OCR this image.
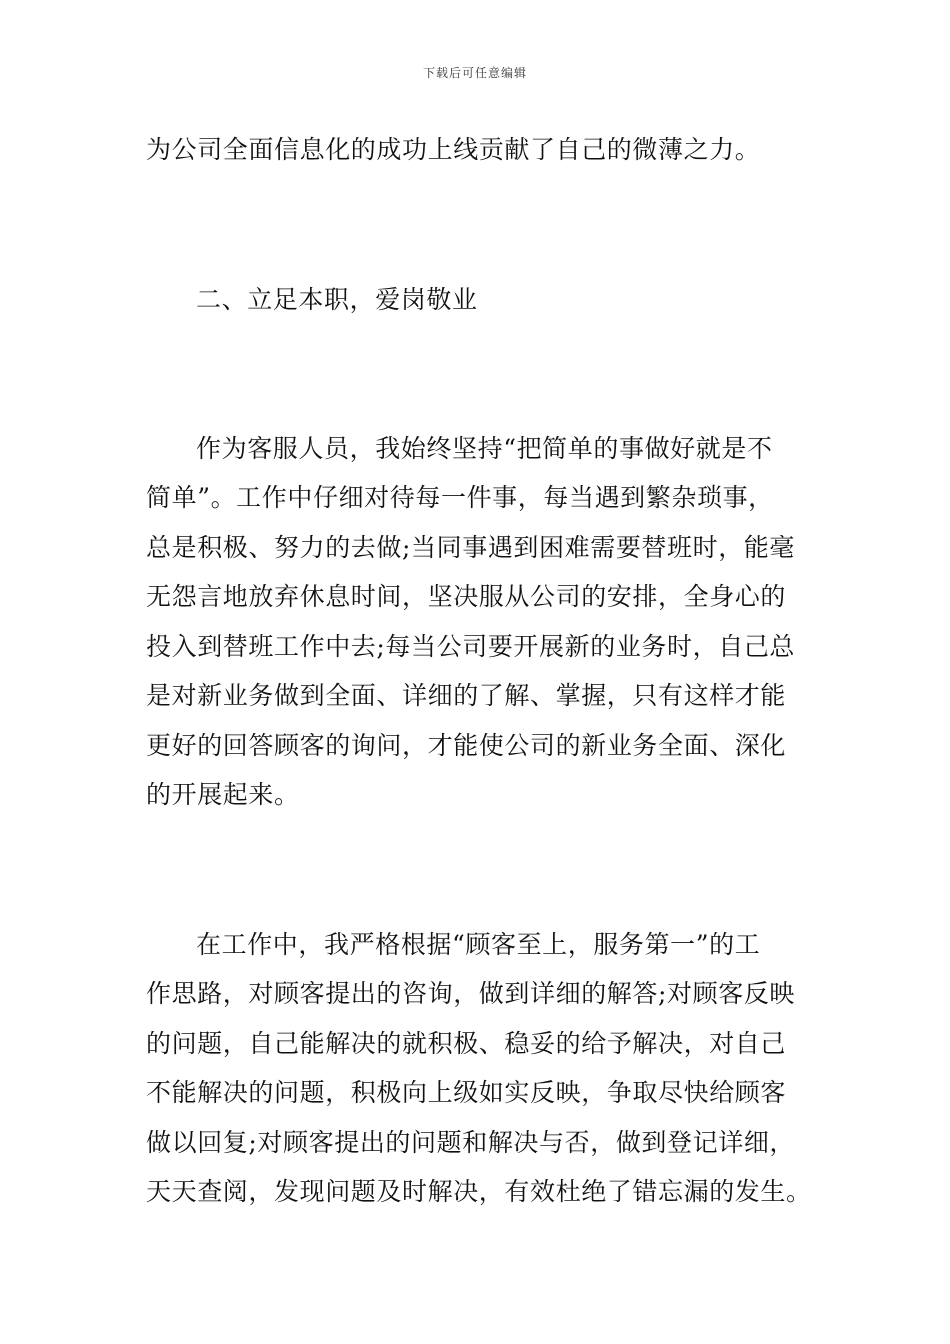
下载后可任意编辑
为公司全面信息化的成功上线贡献了自己的微薄之力。
二、立足本职，爱岗敬业
作为客服人员，我始终坚持“把简单的事做好就是不
简单”。工作中仔细对待每一件事，每当遇到繁杂琐事，
总是积极、努力的去做;当同事遇到困难需要替班时，能毫
无怨言地放弃休息时间，坚决服从公司的安排，全身心的
投入到替班工作中去;每当公司要开展新的业务时，自己总
是对新业务做到全面、详细的了解、掌握，只有这样才能
更好的回答顾客的询问，才能使公司的新业务全面、深化
的开展起来。
在工作中，我严格根据“顾客至上，服务第一”的工
作思路，对顾客提出的咨询，做到详细的解答;对顾客反映
的问题，自己能解决的就积极、稳妥的给予解决，对自己
不能解决的问题，积极向上级如实反映，争取尽快给顾客
做以回复;对顾客提出的问题和解决与否，做到登记详细，
天天查阅，发现问题及时解决，有效杜绝了错忘漏的发生。
